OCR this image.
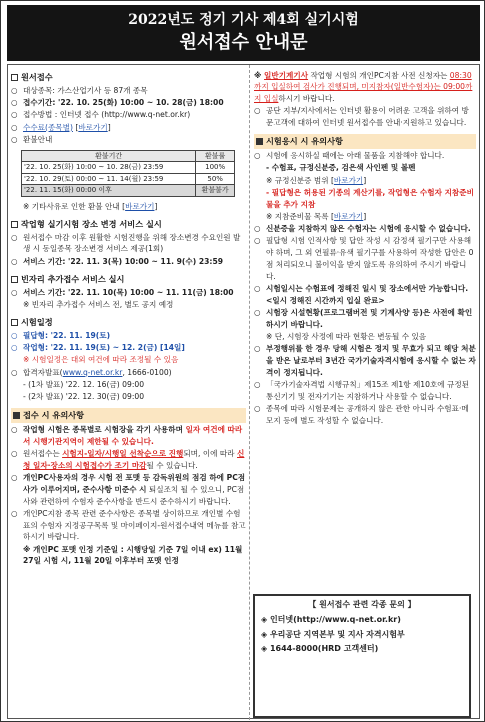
2022년도 정기 기사 제4회 실기시험
원서접수 안내문
원서접수
○ 대상종목: 가스산업기사 등 87개 종목
○ 접수기간: '22. 10. 25(화) 10:00 ~ 10. 28(금) 18:00
○ 접수방법 : 인터넷 접수 (http://www.q-net.or.kr)
○ 수수료(종목별) [바로가기]
○ 환불안내
환불기간	환불률
'22. 10. 25(화) 10:00 ~ 10. 28(금) 23:59	100%
'22. 10. 29(토) 00:00 ~ 11. 14(월) 23:59	50%
'22. 11. 15(화) 00:00 이후	환불불가
※ 기타사유로 인한 환불 안내 [바로가기]
작업형 실기시험 장소 변경 서비스 실시
○ 원서접수 마감 이후 원활한 시험진행을 위해 장소변경 수요인원 발생 시 동일종목 장소변경 서비스 제공(1회)
○ 서비스 기간: '22. 11. 3(목) 10:00 ~ 11. 9(수) 23:59
빈자리 추가접수 서비스 실시
○ 서비스 기간: '22. 11. 10(목) 10:00 ~ 11. 11(금) 18:00
※ 빈자리 추가접수 서비스 전, 별도 공지 예정
시험일정
○ 필답형: '22. 11. 19(토)
○ 작업형: '22. 11. 19(토) ~ 12. 2(금) [14일]
※ 시험일정은 대외 여건에 따라 조정될 수 있음
○ 합격자발표(www.q-net.or.kr, 1666-0100)
- (1차 발표) '22. 12. 16(금) 09:00
- (2차 발표) '22. 12. 30(금) 09:00
접수 시 유의사항
○ 작업형 시험은 종목별로 시험장을 각기 사용하며 일자 여건에 따라서 시행기관지역이 제한될 수 있습니다.
○ 원서접수는 시험지-일자/시행일 선착순으로 진행되며, 이에 따라 신청 일자·장소의 시험접수가 조기 마감될 수 있습니다.
○ 개인PC사용자의 경우 시험 전 포맷 등 감독위원의 점검 하에 PC점사가 이루어지며, 준수사항 미준수 시 퇴실조치 될 수 있으니, PC점사와 관련하여 수험자 준수사항을 반드시 준수하시기 바랍니다.
○ 개인PC지참 종목 관련 준수사항은 종목별 상이하므로 개인별 수험표의 수험자 지정공구목록 및 마이페이지-원서접수내역 메뉴를 참고하시기 바랍니다.
※ 개인PC 포맷 인정 기준일 : 시행당일 기준 7일 이내 ex) 11월 27일 시험 시, 11월 20일 이후부터 포맷 인정
※ 일반기계기사 작업형 시험의 개인PC지참 사전 신청자는 08:30까지 입실하여 검사가 진행되며, 미지참자(일반수험자)는 09:00까지 입실하시기 바랍니다.
○ 공단 지부/지사에서는 인터넷 활용이 어려운 고객을 위하여 방문고객에 대하여 인터넷 원서접수를 안내·지원하고 있습니다.
시험응시 시 유의사항
○ 시험에 응시하실 때에는 아래 물품을 지참해야 합니다.
- 수험표, 규정신분증, 검은색 사인펜 및 볼펜
※ 규정신분증 범위 [바로가기]
- 필답형은 허용된 기종의 계산기를, 작업형은 수험자 지참준비물을 추가 지참
※ 지참준비물 목록 [바로가기]
○ 신분증을 지참하지 않은 수험자는 시험에 응시할 수 없습니다.
○ 필답형 시험 인적사항 및 답안 작성 시 감정색 필기구만 사용해야 하며, 그 외 연필류·유색 필기구를 사용하여 작성한 답안은 0점 처리되오니 불이익을 받지 않도록 유의하여 주시기 바랍니다.
○ 시험일시는 수험표에 정해진 일시 및 장소에서만 가능합니다. <일시 정해진 시간까지 입실 완료>
○ 시험장 시설현황(프로그램버전 및 기계사양 등)은 사전에 확인하시기 바랍니다.
※ 단, 시험장 사정에 따라 현황은 변동될 수 있음
○ 부정행위를 한 경우 당해 시험은 정지 및 무효가 되고 해당 처분을 받은 날로부터 3년간 국가기술자격시험에 응시할 수 없는 자격이 정지됩니다.
○ 「국가기술자격법 시행규칙」제15조 제1항 제10호에 규정된 통신기기 및 전자기기는 지참하거나 사용할 수 없습니다.
○ 종목에 따라 시험문제는 공개하지 않은 관한 아니라 수험표·메모지 등에 별도 작성할 수 없습니다.
【 원서접수 관련 각종 문의 】
◈ 인터넷(http://www.q-net.or.kr)
◈ 우리공단 지역본부 및 지사 자격시험부
◈ 1644-8000(HRD 고객센터)
